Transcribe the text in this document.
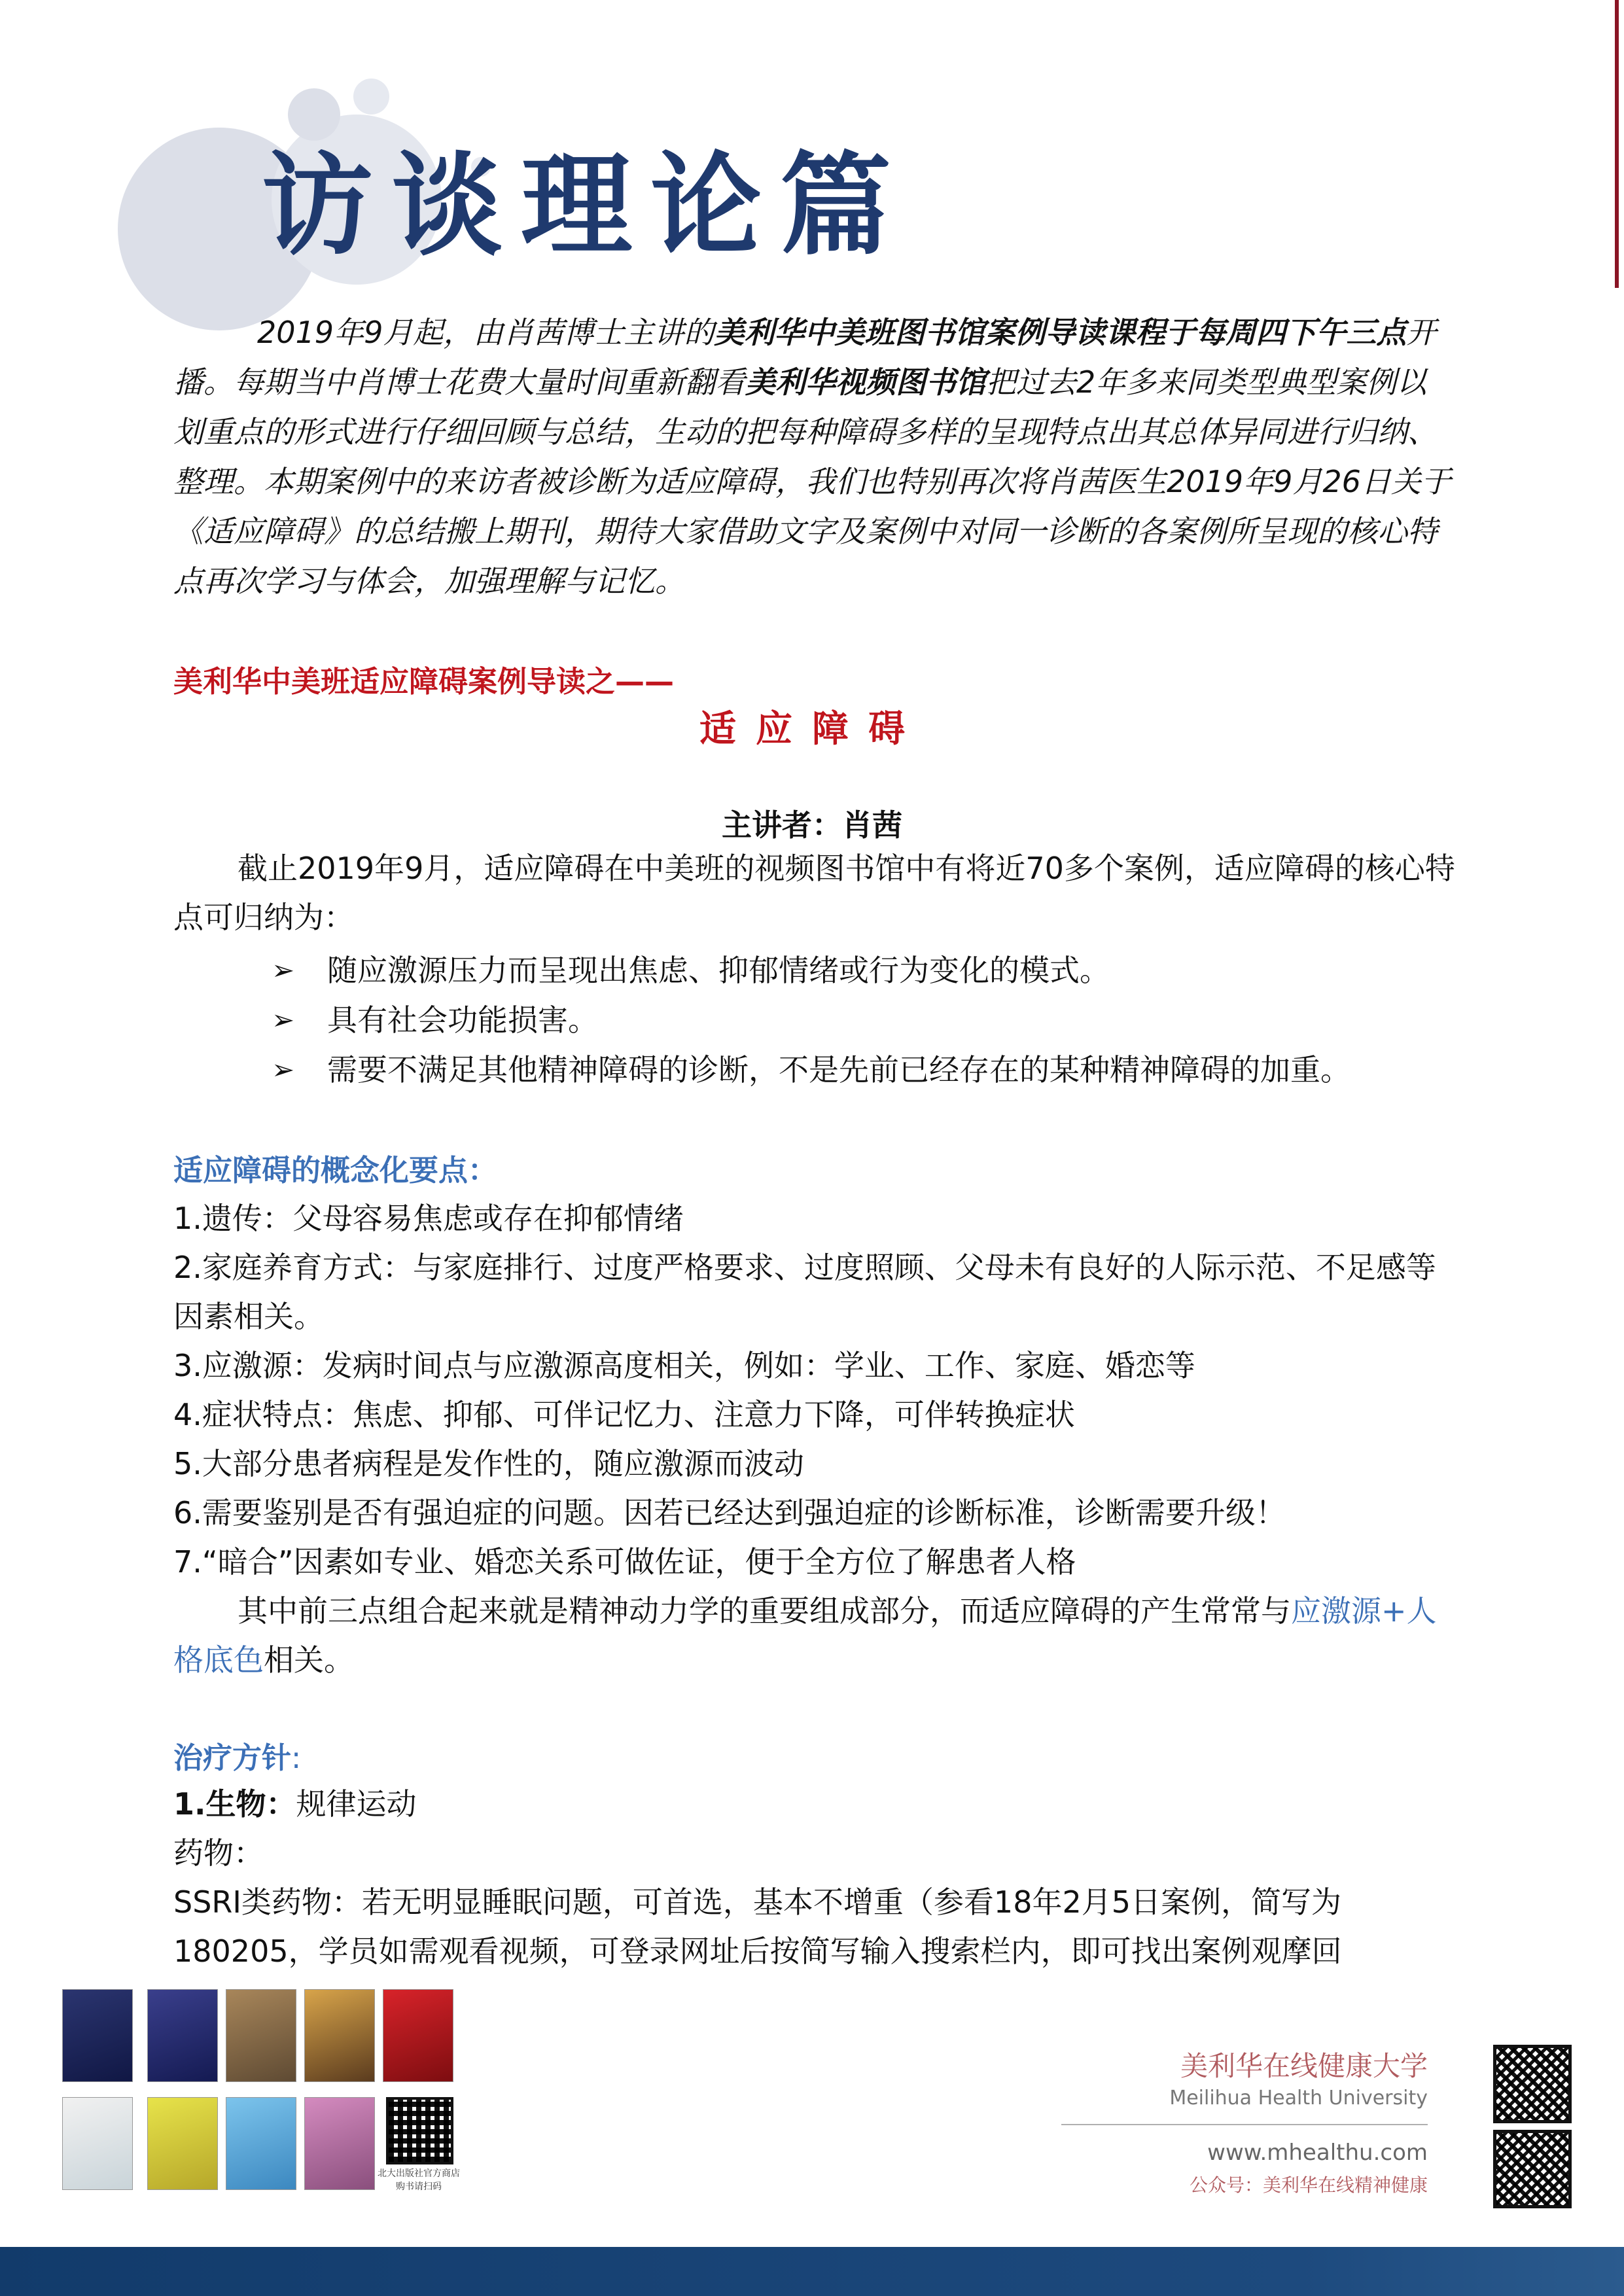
访谈理论篇

2019年9月起，由肖茜博士主讲的美利华中美班图书馆案例导读课程于每周四下午三点开播。每期当中肖博士花费大量时间重新翻看美利华视频图书馆把过去2年多来同类型典型案例以划重点的形式进行仔细回顾与总结，生动的把每种障碍多样的呈现特点出其总体异同进行归纳、整理。本期案例中的来访者被诊断为适应障碍，我们也特别再次将肖茜医生2019年9月26日关于《适应障碍》的总结搬上期刊，期待大家借助文字及案例中对同一诊断的各案例所呈现的核心特点再次学习与体会，加强理解与记忆。

美利华中美班适应障碍案例导读之——

适应障碍

主讲者：肖茜

截止2019年9月，适应障碍在中美班的视频图书馆中有将近70多个案例，适应障碍的核心特点可归纳为：

➢	随应激源压力而呈现出焦虑、抑郁情绪或行为变化的模式。
➢	具有社会功能损害。
➢	需要不满足其他精神障碍的诊断，不是先前已经存在的某种精神障碍的加重。

适应障碍的概念化要点：

1.遗传：父母容易焦虑或存在抑郁情绪
2.家庭养育方式：与家庭排行、过度严格要求、过度照顾、父母未有良好的人际示范、不足感等因素相关。
3.应激源：发病时间点与应激源高度相关，例如：学业、工作、家庭、婚恋等
4.症状特点：焦虑、抑郁、可伴记忆力、注意力下降，可伴转换症状
5.大部分患者病程是发作性的，随应激源而波动
6.需要鉴别是否有强迫症的问题。因若已经达到强迫症的诊断标准，诊断需要升级！
7.“暗合”因素如专业、婚恋关系可做佐证，便于全方位了解患者人格

其中前三点组合起来就是精神动力学的重要组成部分，而适应障碍的产生常常与应激源+人格底色相关。

治疗方针:

1.生物：规律运动

药物：

SSRI类药物：若无明显睡眠问题，可首选，基本不增重（参看18年2月5日案例，简写为180205，学员如需观看视频，可登录网址后按简写输入搜索栏内，即可找出案例观摩回

北大出版社官方商店
购书请扫码

美利华在线健康大学

Meilihua Health University

www.mhealthu.com

公众号：美利华在线精神健康
